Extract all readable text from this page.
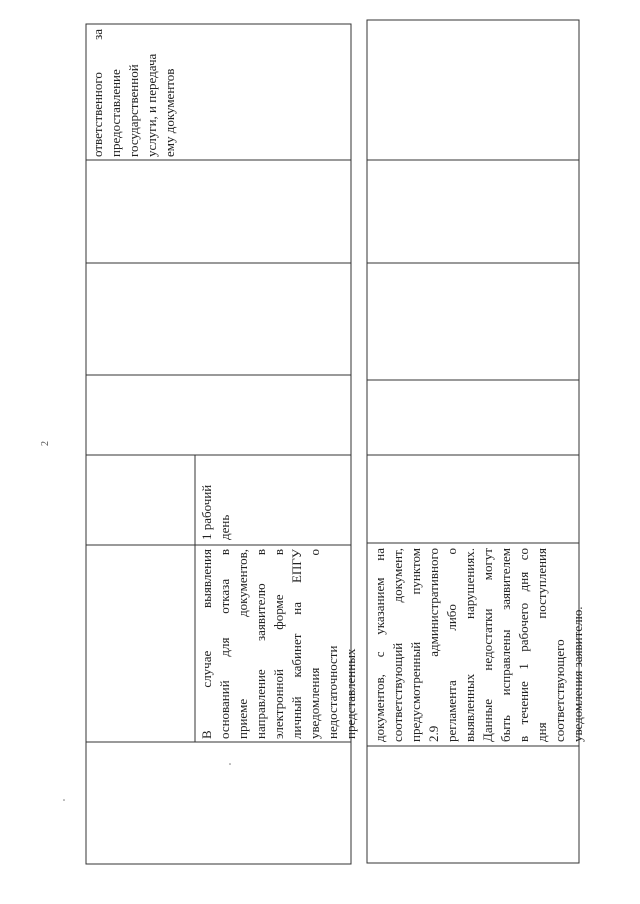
2

1 рабочий день

В случае выявления оснований для отказа в приеме документов, направление заявителю в электронной форме в личный кабинет на ЕПГУ уведомления о недостаточности представленных

ответственного за предоставление государственной услуги, и передача ему документов

документов, с указанием на соответствующий документ, предусмотренный пунктом 2.9 административного регламента либо о выявленных нарушениях. Данные недостатки могут быть исправлены заявителем в течение 1 рабочего дня со дня поступления соответствующего уведомления заявителю.
